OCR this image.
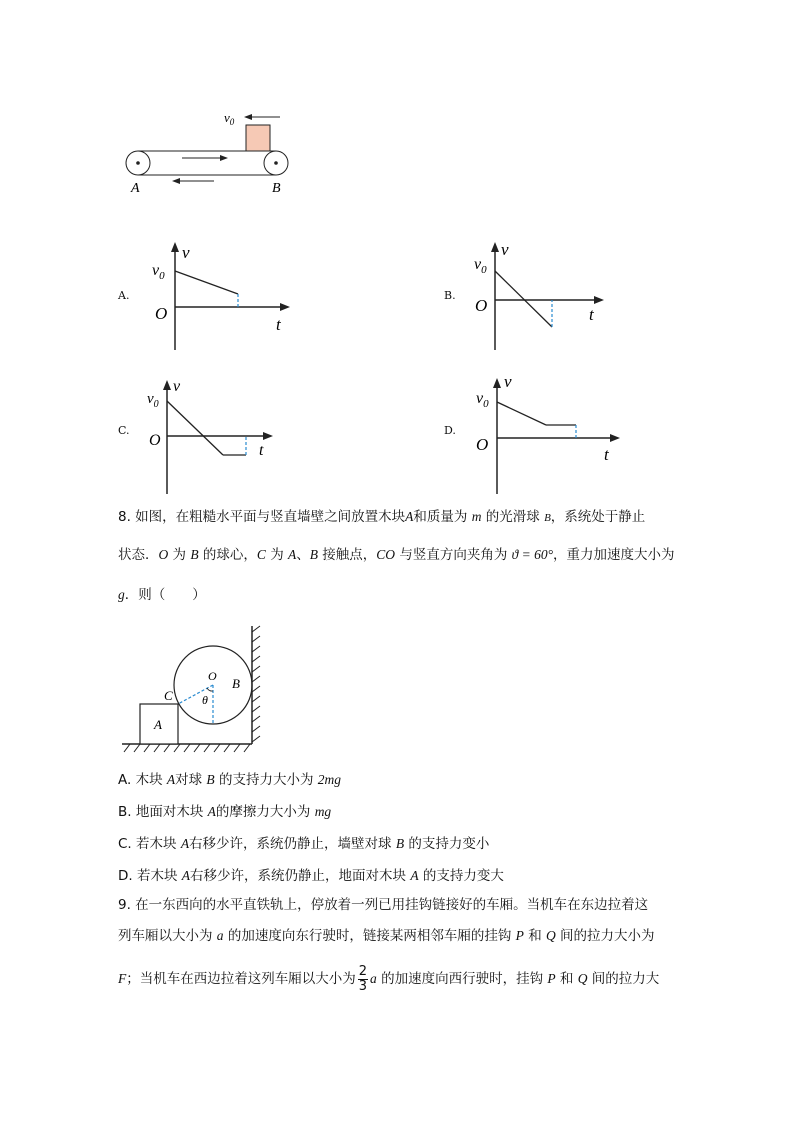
$v_0$
A	B
A.	B.
C.	D.
v
$v_0$
O
t
v
$v_0$
O	t
v
$v_0$
O
t
v
$v_0$
O
t
8. 如图，在粗糙水平面与竖直墙壁之间放置木块A和质量为 m 的光滑球 B，系统处于静止
状态．O 为 B 的球心，C 为 A、B 接触点，CO 与竖直方向夹角为 ϑ = 60°，重力加速度大小为
g．则（　　）
O B
C
A
θ
A. 木块 A对球 B 的支持力大小为 2mg
B. 地面对木块 A的摩擦力大小为 mg
C. 若木块 A右移少许，系统仍静止，墙壁对球 B 的支持力变小
D. 若木块 A右移少许，系统仍静止，地面对木块 A 的支持力变大
9. 在一东西向的水平直铁轨上，停放着一列已用挂钩链接好的车厢。当机车在东边拉着这
列车厢以大小为 a 的加速度向东行驶时，链接某两相邻车厢的挂钩 P 和 Q 间的拉力大小为
F；当机车在西边拉着这列车厢以大小为 $\frac{2}{3}$ a 的加速度向西行驶时，挂钩 P 和 Q 间的拉力大
